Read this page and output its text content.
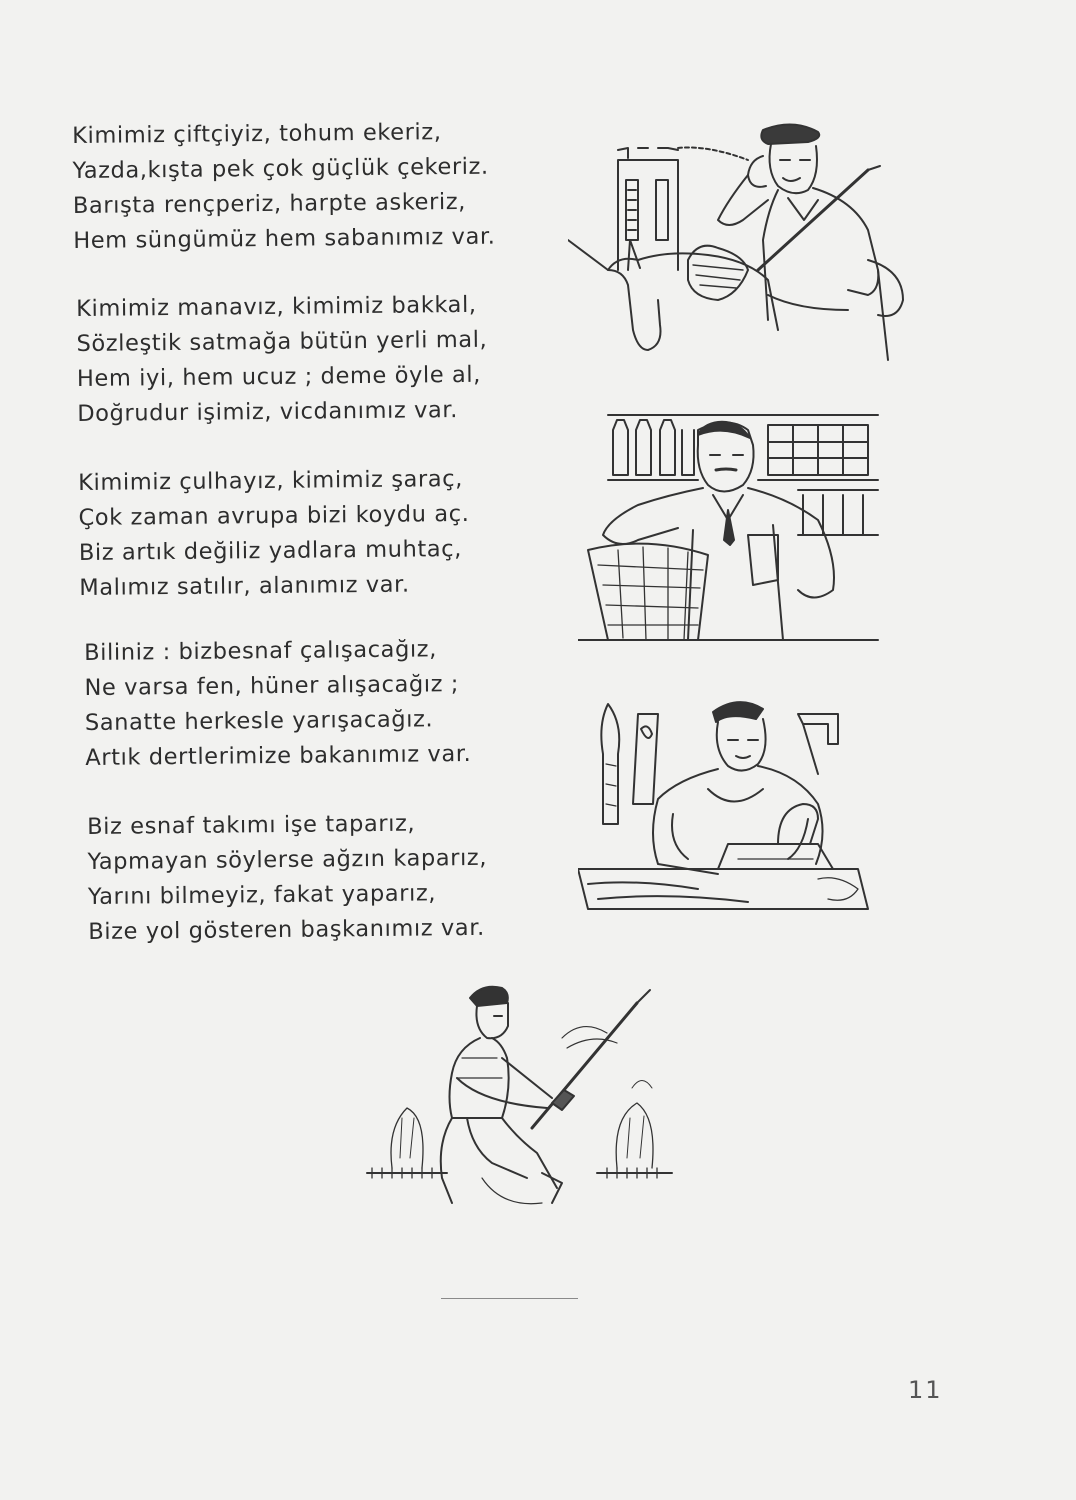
Kimimiz çiftçiyiz, tohum ekeriz,
Yazda,kışta pek çok güçlük çekeriz.
Barışta rençperiz, harpte askeriz,
Hem süngümüz hem sabanımız var.
Kimimiz manavız, kimimiz bakkal,
Sözleştik satmağa bütün yerli mal,
Hem iyi, hem ucuz ; deme öyle al,
Doğrudur işimiz, vicdanımız var.
Kimimiz çulhayız, kimimiz şaraç,
Çok zaman avrupa bizi koydu aç.
Biz artık değiliz yadlara muhtaç,
Malımız satılır, alanımız var.
Biliniz : bizbesnaf çalışacağız,
Ne varsa fen, hüner alışacağız ;
Sanatte herkesle yarışacağız.
Artık dertlerimize bakanımız var.
Biz esnaf takımı işe taparız,
Yapmayan söylerse ağzın kaparız,
Yarını bilmeyiz, fakat yaparız,
Bize yol gösteren başkanımız var.
11
